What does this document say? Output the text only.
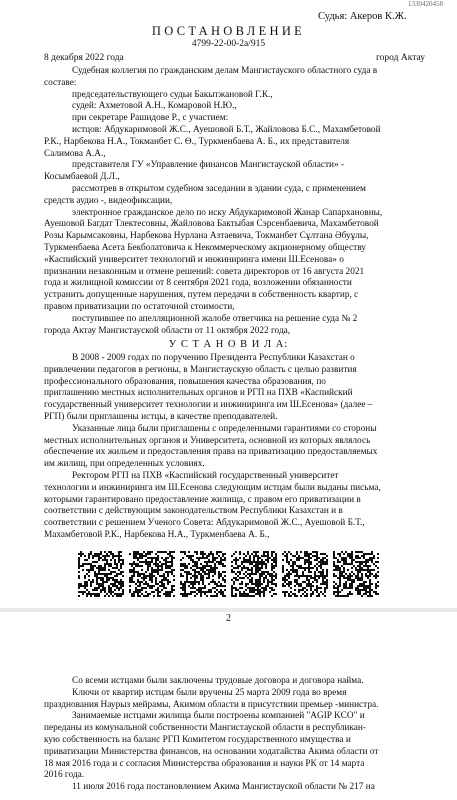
1330420458
Судья: Акеров К.Ж.
ПОСТАНОВЛЕНИЕ
4799-22-00-2а/915
8 декабря 2022 года	город Актау
Судебная коллегия по гражданским делам Мангистауского областного суда в
составе:
председательствующего судьи Бакытжановой Г.К.,
судей: Ахметовой А.Н., Комаровой Н.Ю.,
при секретаре Рашидове Р., с участием:
истцов: Абдукаримовой Ж.С., Ауешовой Б.Т., Жайловова Б.С., Махамбетовой
Р.К., Нарбекова Н.А., Токманбет С. Ө., Туркменбаева А. Б., их представителя
Салимова А.А.,
представителя ГУ «Управление финансов Мангистауской области» -
Косымбаевой Д.Л.,
рассмотрев в открытом судебном заседании в здании суда, с применением
средств аудио -, видеофиксации,
электронное гражданское дело по иску Абдукаримовой Жанар Сапархановны,
Ауешовой Багдат Тлектесовны, Жайловова Бактыбая Сэрсенбаевича, Махамбетовой
Розы Карымсаковны, Нарбекова Нурлана Азтаевича, Токманбет Сұлтана Әбуұлы,
Туркменбаева Асета Бекболатовича к Некоммерческому акционерному обществу
«Каспийский университет технологий и инжиниринга имени Ш.Есенова» о
признании незаконным и отмене решений: совета директоров от 16 августа 2021
года и жилищной комиссии от 8 сентября 2021 года, возложении обязанности
устранить допущенные нарушения, путем передачи в собственность квартир, с
правом приватизации по остаточной стоимости,
поступившее по апелляционной жалобе ответчика на решение суда № 2
города Актау Мангистауской области от 11 октября 2022 года,
У С Т А Н О В И Л А:
В 2008 - 2009 годах по поручению Президента Республики Казахстан о
привлечении педагогов в регионы, в Мангистаускую область с целью развития
профессионального образования, повышения качества образования, по
приглашению местных исполнительных органов и РГП на ПХВ «Каспийский
государственный университет технологии и инжиниринга им Ш.Есенова» (далее –
РГП) были приглашены истцы, в качестве преподавателей.
Указанные лица были приглашены с определенными гарантиями со стороны
местных исполнительных органов и Университета, основной из которых являлось
обеспечение их жильем и предоставления права на приватизацию предоставляемых
им жилищ, при определенных условиях.
Ректором РГП на ПХВ «Каспийский государственный университет
технологии и инжиниринга им Ш.Есенова следующим истцам были выданы письма,
которыми гарантировано предоставление жилища, с правом его приватизации в
соответствии с действующим законодательством Республики Казахстан и в
соответствии с решением Ученого Совета: Абдукаримовой Ж.С., Ауешовой Б.Т.,
Махамбетовой Р.К., Нарбекова Н.А., Туркменбаева А. Б.,
2
Со всеми истцами были заключены трудовые договора и договора найма.
Ключи от квартир истцам были вручены 25 марта 2009 года во время
празднования Наурыз мейрамы, Акимом области в присутствии премьер -министра.
Занимаемые истцами жилища были построены компанией "AGIP KCO" и
переданы из комунальной собственности Мангистауской области в республикан-
кую собственность на баланс РГП Комитетом государственного имущества и
приватизации Министерства финансов, на основании ходатайства Акима области от
18 мая 2016 года и с согласия Министерства образования и науки РК от 14 марта
2016 года.
11 июля 2016 года постановлением Акима Мангистауской области № 217 на
